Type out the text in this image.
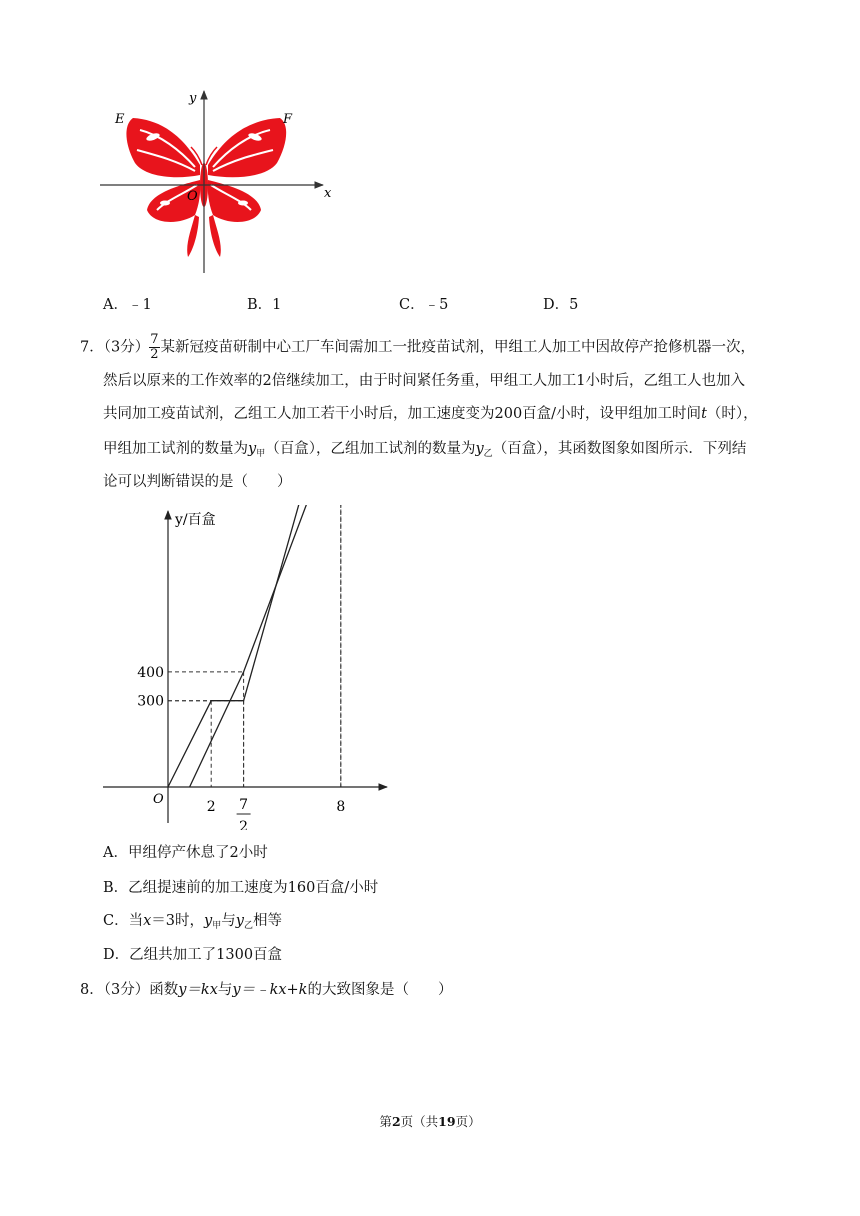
y
x
E	F
O
A．﹣1	B．1	C．﹣5	D．5
7．（3分） $\frac{7}{2}$ 某新冠疫苗研制中心工厂车间需加工一批疫苗试剂，甲组工人加工中因故停产抢修机器一次，
然后以原来的工作效率的2倍继续加工，由于时间紧任务重，甲组工人加工1小时后，乙组工人也加入
共同加工疫苗试剂，乙组工人加工若干小时后，加工速度变为200百盒/小时，设甲组加工时间t（时），
甲组加工试剂的数量为$y_甲$（百盒），乙组加工试剂的数量为$y_乙$（百盒），其函数图象如图所示．下列结
论可以判断错误的是（　　）
y/百盒
O
300
400
2 7
2
8
A．甲组停产休息了2小时
B．乙组提速前的加工速度为160百盒/小时
C．当x＝3时，$y_甲$与$y_乙$相等
D．乙组共加工了1300百盒
8．（3分）函数y＝kx与y＝﹣kx+k的大致图象是（　　）
第2页（共19页）
